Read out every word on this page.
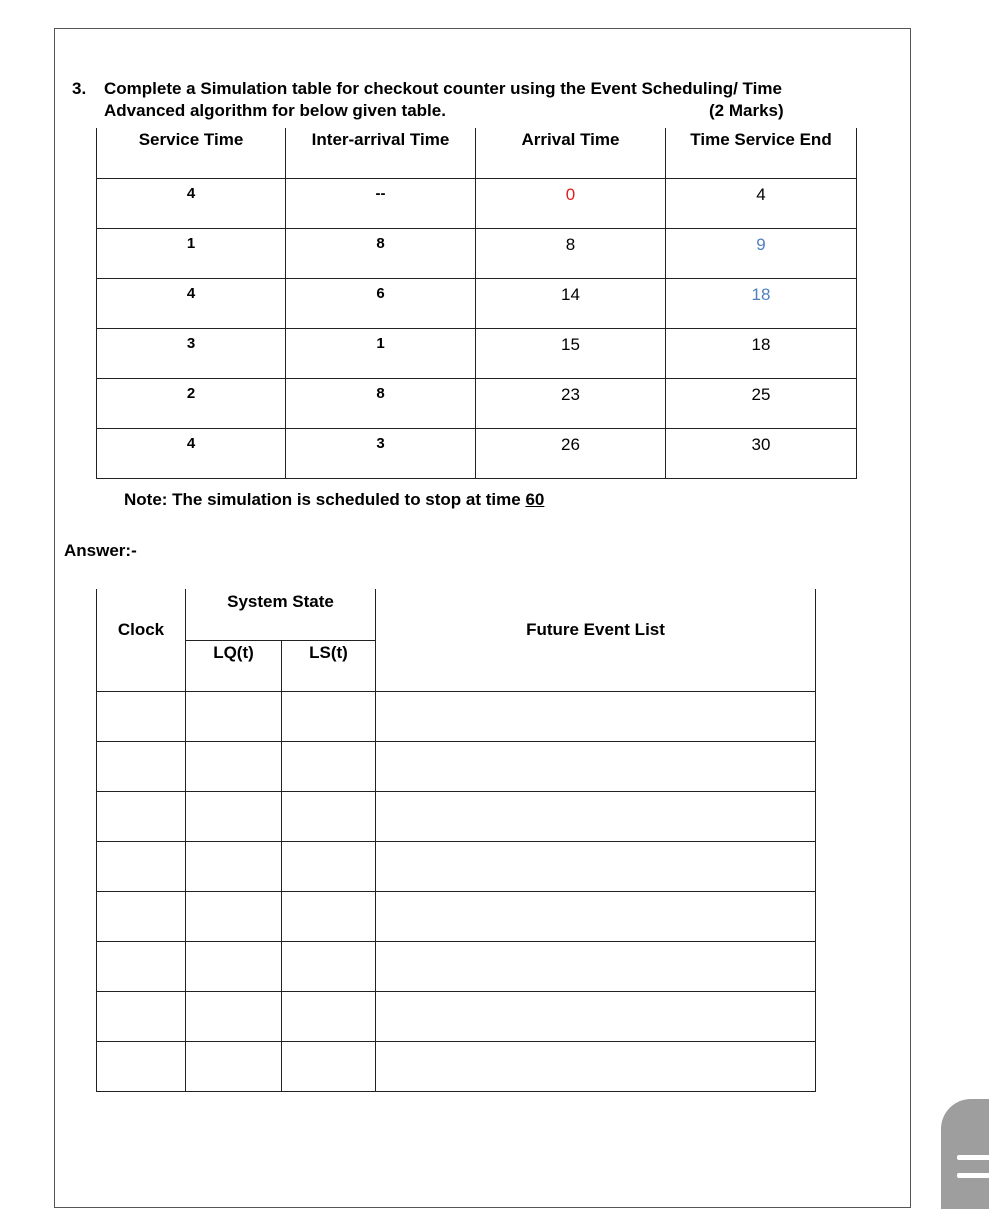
3. Complete a Simulation table for checkout counter using the Event Scheduling/ Time
Advanced algorithm for below given table.	(2 Marks)
Service Time	Inter-arrival Time	Arrival Time	Time Service End
4	--	0	4
1	8	8	9
4	6	14	18
3	1	15	18
2	8	23	25
4	3	26	30
Note: The simulation is scheduled to stop at time 60
Answer:-
Clock	System State		Future Event List
	LQ(t)	LS(t)	
